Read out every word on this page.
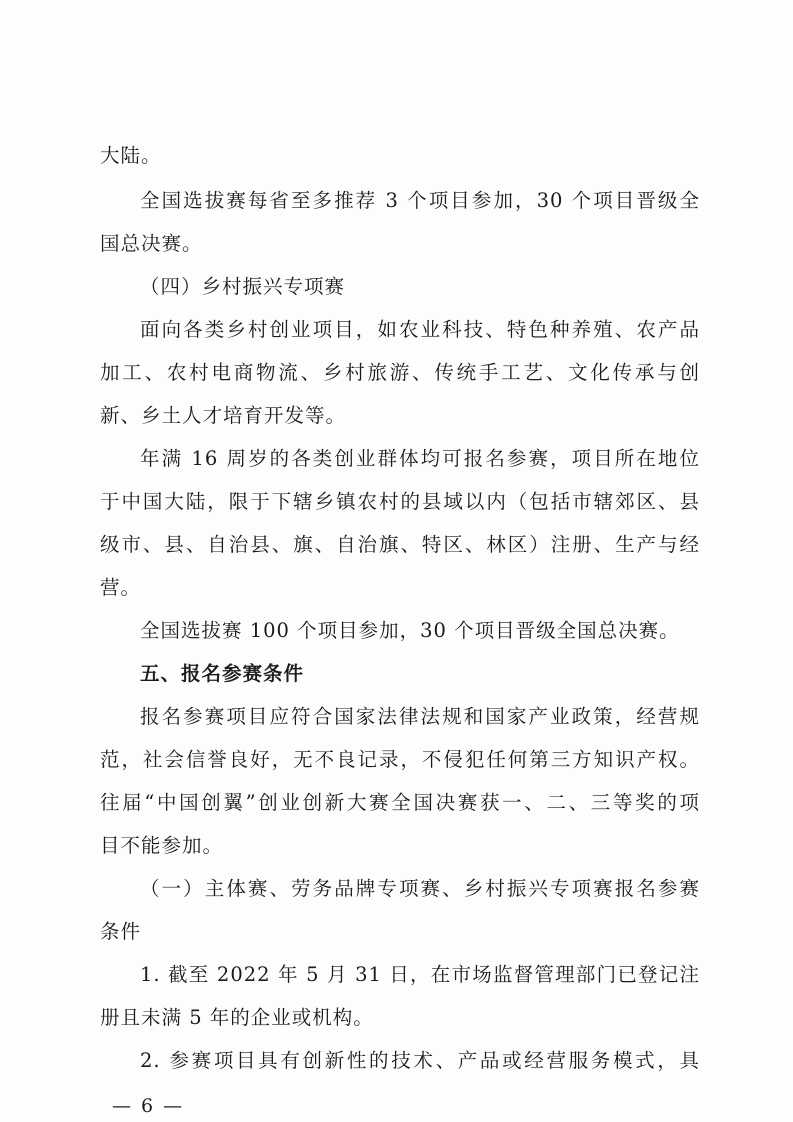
大陆。
全国选拔赛每省至多推荐 3 个项目参加，30 个项目晋级全
国总决赛。
（四）乡村振兴专项赛
面向各类乡村创业项目，如农业科技、特色种养殖、农产品
加工、农村电商物流、乡村旅游、传统手工艺、文化传承与创
新、乡土人才培育开发等。
年满 16 周岁的各类创业群体均可报名参赛，项目所在地位
于中国大陆，限于下辖乡镇农村的县域以内（包括市辖郊区、县
级市、县、自治县、旗、自治旗、特区、林区）注册、生产与经
营。
全国选拔赛 100 个项目参加，30 个项目晋级全国总决赛。
五、报名参赛条件
报名参赛项目应符合国家法律法规和国家产业政策，经营规
范，社会信誉良好，无不良记录，不侵犯任何第三方知识产权。
往届“中国创翼”创业创新大赛全国决赛获一、二、三等奖的项
目不能参加。
（一）主体赛、劳务品牌专项赛、乡村振兴专项赛报名参赛
条件
1. 截至 2022 年 5 月 31 日，在市场监督管理部门已登记注
册且未满 5 年的企业或机构。
2. 参赛项目具有创新性的技术、产品或经营服务模式，具
— 6 —
